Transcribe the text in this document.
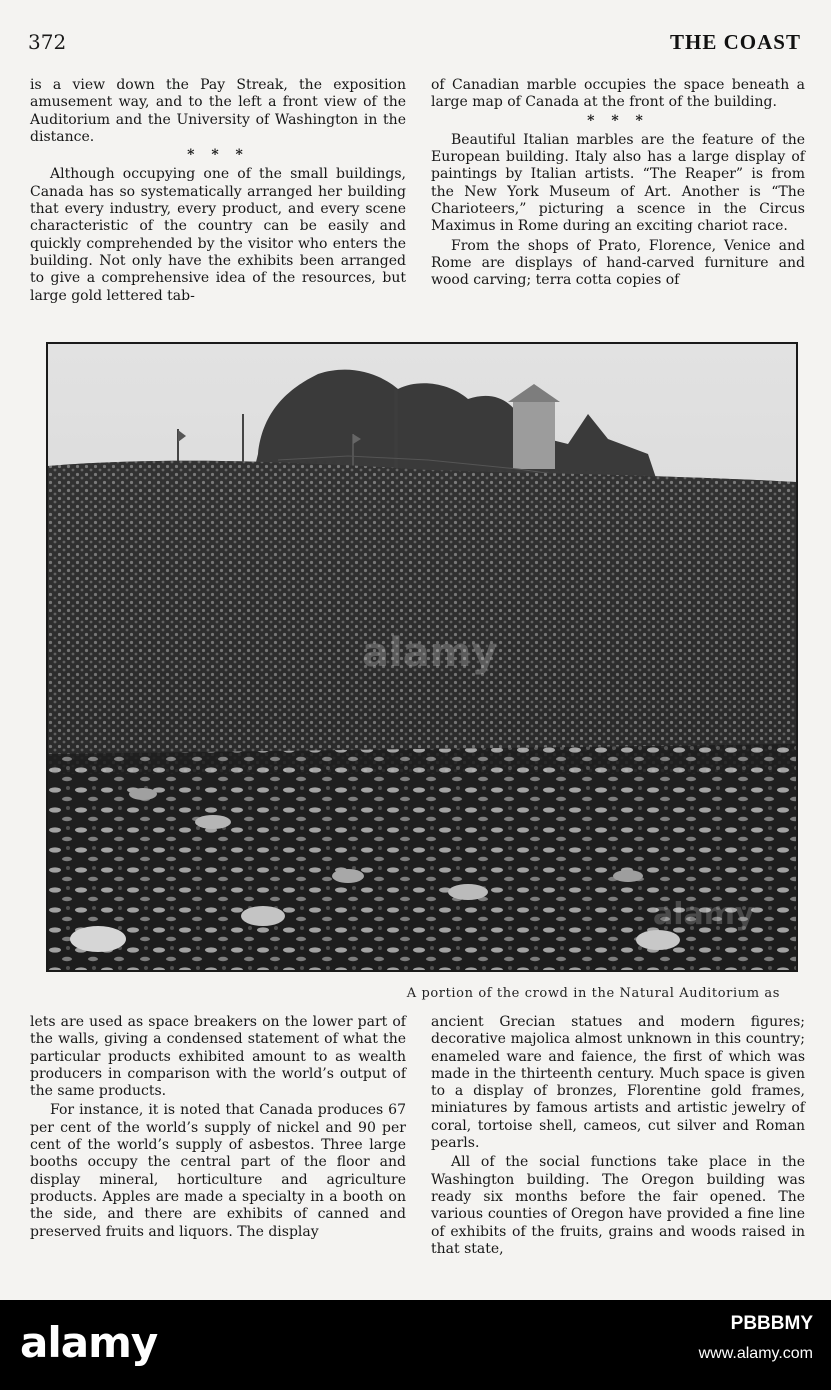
372	THE COAST

is a view down the Pay Streak, the exposition amusement way, and to the left a front view of the Auditorium and the University of Washington in the distance.

* * *

Although occupying one of the small buildings, Canada has so systematically arranged her building that every industry, every product, and every scene characteristic of the country can be easily and quickly comprehended by the visitor who enters the building. Not only have the exhibits been arranged to give a comprehensive idea of the resources, but large gold lettered tab-

of Canadian marble occupies the space beneath a large map of Canada at the front of the building.

* * *

Beautiful Italian marbles are the feature of the European building. Italy also has a large display of paintings by Italian artists. “The Reaper” is from the New York Museum of Art. Another is “The Charioteers,” picturing a scence in the Circus Maximus in Rome during an exciting chariot race.

From the shops of Prato, Florence, Venice and Rome are displays of hand-carved furniture and wood carving; terra cotta copies of

alamy
alamy
A portion of the crowd in the Natural Auditorium as

lets are used as space breakers on the lower part of the walls, giving a condensed statement of what the particular products exhibited amount to as wealth producers in comparison with the world’s output of the same products.

For instance, it is noted that Canada produces 67 per cent of the world’s supply of nickel and 90 per cent of the world’s supply of asbestos. Three large booths occupy the central part of the floor and display mineral, horticulture and agriculture products. Apples are made a specialty in a booth on the side, and there are exhibits of canned and preserved fruits and liquors. The display

ancient Grecian statues and modern figures; decorative majolica almost unknown in this country; enameled ware and faience, the first of which was made in the thirteenth century. Much space is given to a display of bronzes, Florentine gold frames, miniatures by famous artists and artistic jewelry of coral, tortoise shell, cameos, cut silver and Roman pearls.

All of the social functions take place in the Washington building. The Oregon building was ready six months before the fair opened. The various counties of Oregon have provided a fine line of exhibits of the fruits, grains and woods raised in that state,

alamy	PBBBMY
www.alamy.com
